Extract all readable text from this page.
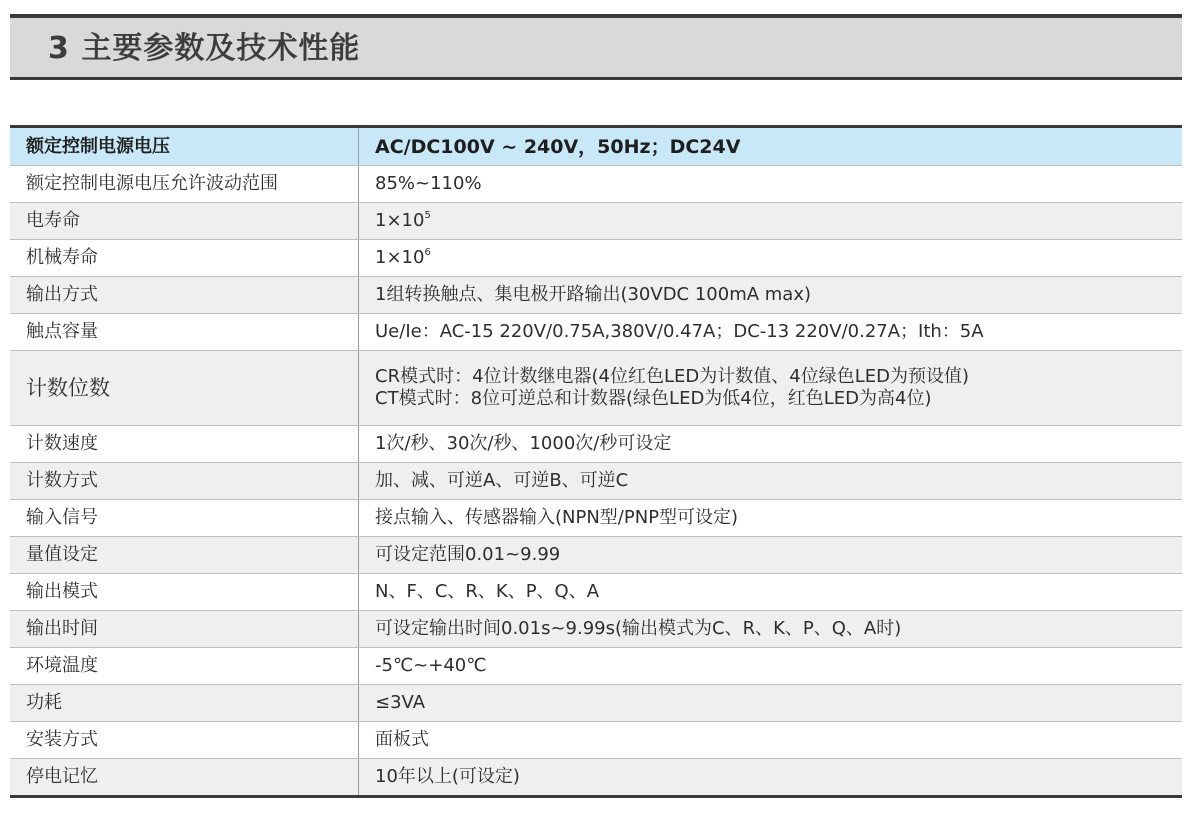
3 主要参数及技术性能
额定控制电源电压	AC/DC100V ~ 240V，50Hz；DC24V
额定控制电源电压允许波动范围	85%~110%
电寿命	$1\times 10^5$
机械寿命	$1\times 10^6$
输出方式	1组转换触点、集电极开路输出(30VDC 100mA max)
触点容量	Ue/Ie：AC-15 220V/0.75A,380V/0.47A；DC-13 220V/0.27A；Ith：5A
计数位数	CR模式时：4位计数继电器(4位红色LED为计数值、4位绿色LED为预设值)
CT模式时：8位可逆总和计数器(绿色LED为低4位，红色LED为高4位)

计数速度	1次/秒、30次/秒、1000次/秒可设定
计数方式	加、减、可逆A、可逆B、可逆C
输入信号	接点输入、传感器输入(NPN型/PNP型可设定)
量值设定	可设定范围0.01~9.99
输出模式	N、F、C、R、K、P、Q、A
输出时间	可设定输出时间0.01s~9.99s(输出模式为C、R、K、P、Q、A时)
环境温度	-5℃~+40℃
功耗	≤3VA
安装方式	面板式
停电记忆	10年以上(可设定)
